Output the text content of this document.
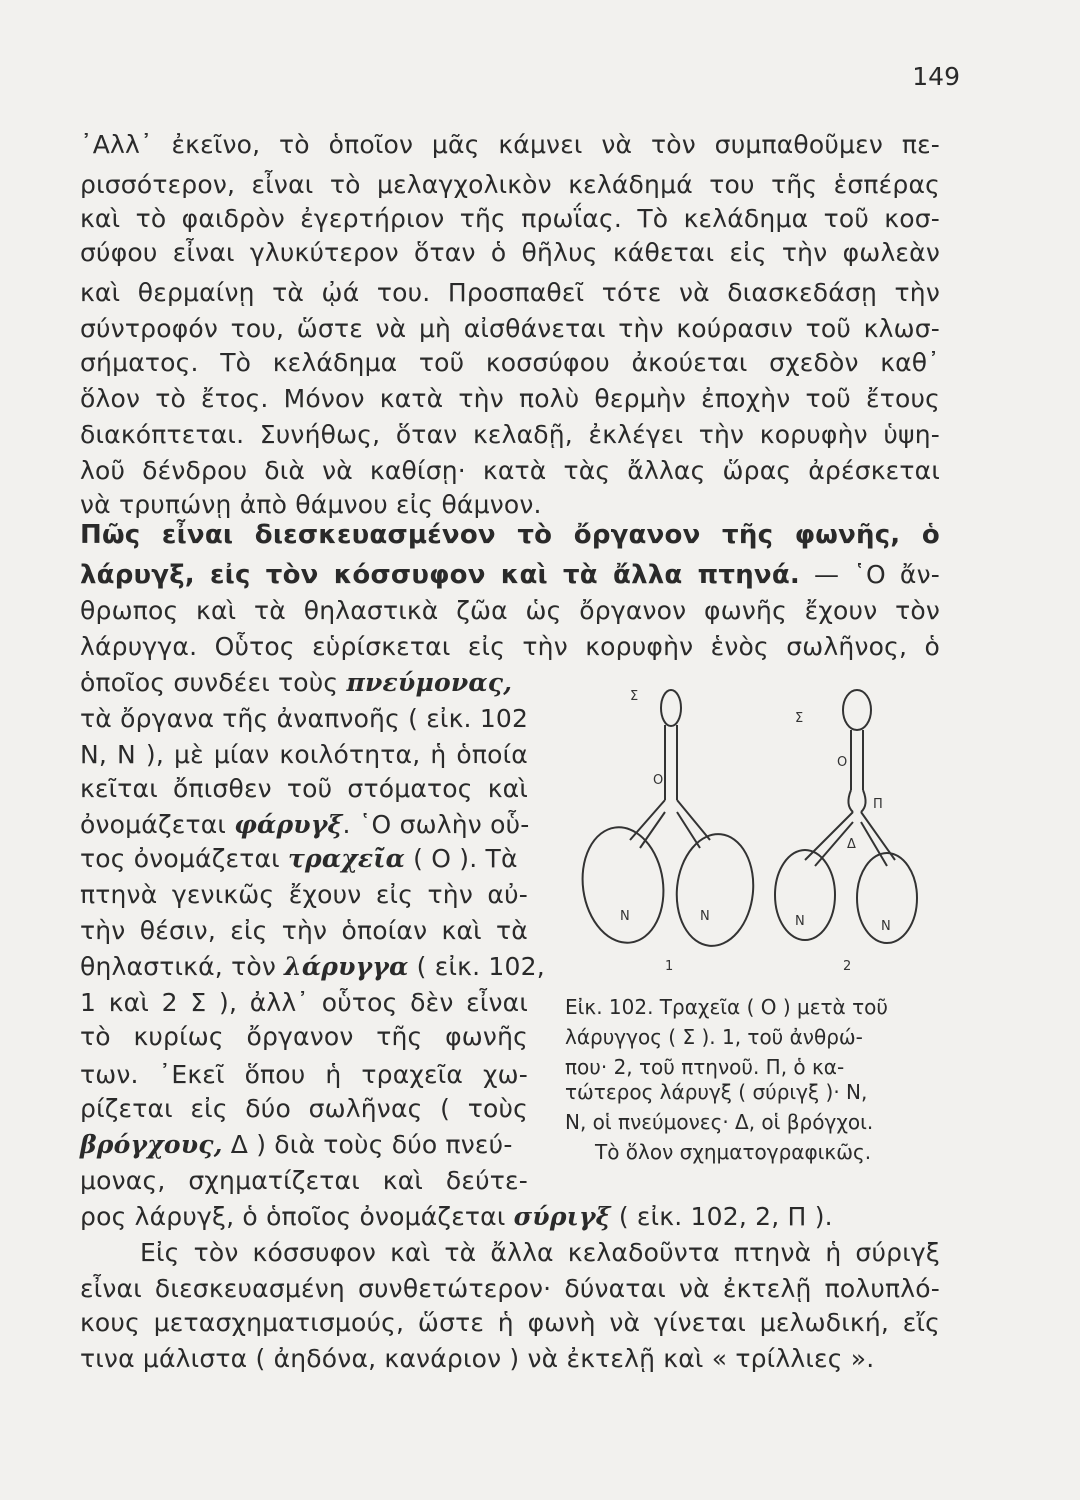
149
᾿Αλλ᾿ ἐκεῖνο, τὸ ὁποῖον μᾶς κάμνει νὰ τὸν συμπαθοῦμεν πε-
ρισσότερον, εἶναι τὸ μελαγχολικὸν κελάδημά του τῆς ἑσπέρας
καὶ τὸ φαιδρὸν ἐγερτήριον τῆς πρωΐας. Τὸ κελάδημα τοῦ κοσ-
σύφου εἶναι γλυκύτερον ὅταν ὁ θῆλυς κάθεται εἰς τὴν φωλεὰν
καὶ θερμαίνῃ τὰ ᾠά του. Προσπαθεῖ τότε νὰ διασκεδάσῃ τὴν
σύντροφόν του, ὥστε νὰ μὴ αἰσθάνεται τὴν κούρασιν τοῦ κλωσ-
σήματος. Τὸ κελάδημα τοῦ κοσσύφου ἀκούεται σχεδὸν καθ᾿
ὅλον τὸ ἔτος. Μόνον κατὰ τὴν πολὺ θερμὴν ἐποχὴν τοῦ ἔτους
διακόπτεται. Συνήθως, ὅταν κελαδῇ, ἐκλέγει τὴν κορυφὴν ὑψη-
λοῦ δένδρου διὰ νὰ καθίσῃ· κατὰ τὰς ἄλλας ὥρας ἀρέσκεται
νὰ τρυπώνῃ ἀπὸ θάμνου εἰς θάμνον.
Πῶς εἶναι διεσκευασμένον τὸ ὄργανον τῆς φωνῆς, ὁ
λάρυγξ, εἰς τὸν κόσσυφον καὶ τὰ ἄλλα πτηνά. — ῾Ο ἄν-
θρωπος καὶ τὰ θηλαστικὰ ζῶα ὡς ὄργανον φωνῆς ἔχουν τὸν
λάρυγγα. Οὗτος εὑρίσκεται εἰς τὴν κορυφὴν ἑνὸς σωλῆνος, ὁ
ὁποῖος συνδέει τοὺς πνεύμονας,
τὰ ὄργανα τῆς ἀναπνοῆς ( εἰκ. 102
Ν, Ν ), μὲ μίαν κοιλότητα, ἡ ὁποία
κεῖται ὄπισθεν τοῦ στόματος καὶ
ὀνομάζεται φάρυγξ. ῾Ο σωλὴν οὗ-
τος ὀνομάζεται τραχεῖα ( Ο ). Τὰ
πτηνὰ γενικῶς ἔχουν εἰς τὴν αὐ-
τὴν θέσιν, εἰς τὴν ὁποίαν καὶ τὰ
θηλαστικά, τὸν λάρυγγα ( εἰκ. 102,
1 καὶ 2 Σ ), ἀλλ᾿ οὗτος δὲν εἶναι
τὸ κυρίως ὄργανον τῆς φωνῆς
των. ᾿Εκεῖ ὅπου ἡ τραχεῖα χω-
ρίζεται εἰς δύο σωλῆνας ( τοὺς
βρόγχους, Δ ) διὰ τοὺς δύο πνεύ-
μονας, σχηματίζεται καὶ δεύτε-
ρος λάρυγξ, ὁ ὁποῖος ὀνομάζεται σύριγξ ( εἰκ. 102, 2, Π ).
Εἰς τὸν κόσσυφον καὶ τὰ ἄλλα κελαδοῦντα πτηνὰ ἡ σύριγξ
εἶναι διεσκευασμένη συνθετώτερον· δύναται νὰ ἐκτελῇ πολυπλό-
κους μετασχηματισμούς, ὥστε ἡ φωνὴ νὰ γίνεται μελωδική, εἴς
τινα μάλιστα ( ἀηδόνα, κανάριον ) νὰ ἐκτελῇ καὶ « τρίλλιες ».
Σ
Ο
Ν	Ν
1
Σ
Ο
Π
Δ
Ν	Ν
2
Εἰκ. 102. Τραχεῖα ( Ο ) μετὰ τοῦ
λάρυγγος ( Σ ). 1, τοῦ ἀνθρώ-
που· 2, τοῦ πτηνοῦ. Π, ὁ κα-
τώτερος λάρυγξ ( σύριγξ )· Ν,
Ν, οἱ πνεύμονες· Δ, οἱ βρόγχοι.
Τὸ ὅλον σχηματογραφικῶς.
